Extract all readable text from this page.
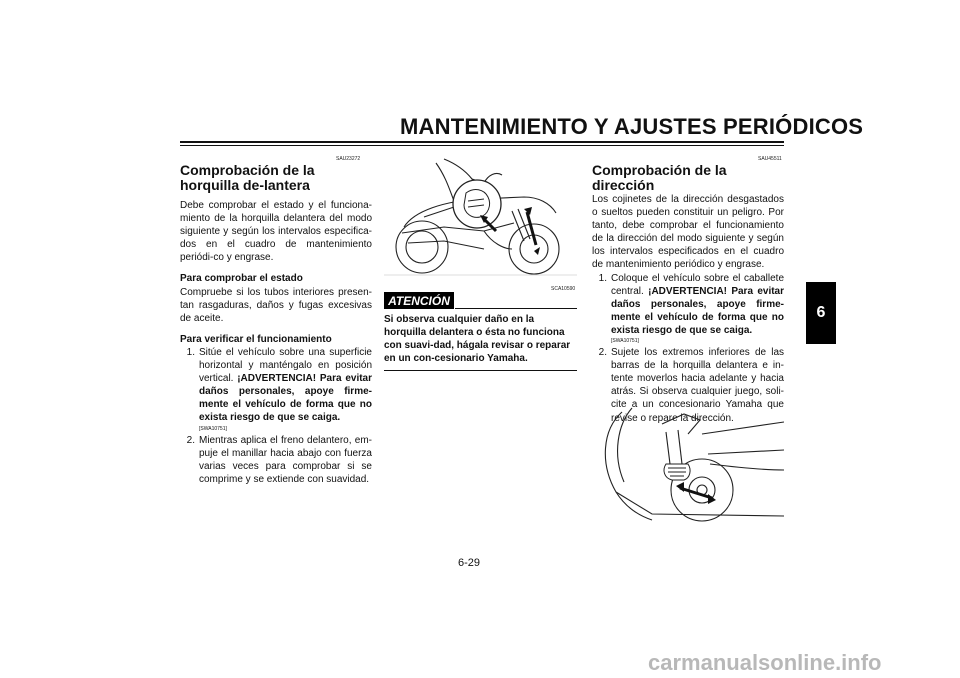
MANTENIMIENTO Y AJUSTES PERIÓDICOS
6
SAU23272
Comprobación de la horquilla de-lantera

Debe comprobar el estado y el funciona-miento de la horquilla delantera del modo siguiente y según los intervalos especifica-dos en el cuadro de mantenimiento periódi-co y engrase.

Para comprobar el estado

Compruebe si los tubos interiores presen-tan rasgaduras, daños y fugas excesivas de aceite.

Para verificar el funcionamiento

1. Sitúe el vehículo sobre una superficie horizontal y manténgalo en posición vertical. ¡ADVERTENCIA! Para evitar daños personales, apoye firme-mente el vehículo de forma que no exista riesgo de que se caiga.
[SWA10751]
2. Mientras aplica el freno delantero, em-puje el manillar hacia abajo con fuerza varias veces para comprobar si se comprime y se extiende con suavidad.
SCA10590
ATENCIÓN
Si observa cualquier daño en la horquilla delantera o ésta no funciona con suavi-dad, hágala revisar o reparar en un con-cesionario Yamaha.
SAU45511
Comprobación de la dirección

Los cojinetes de la dirección desgastados o sueltos pueden constituir un peligro. Por tanto, debe comprobar el funcionamiento de la dirección del modo siguiente y según los intervalos especificados en el cuadro de mantenimiento periódico y engrase.

1. Coloque el vehículo sobre el caballete central. ¡ADVERTENCIA! Para evitar daños personales, apoye firme-mente el vehículo de forma que no exista riesgo de que se caiga.
[SWA10751]
2. Sujete los extremos inferiores de las barras de la horquilla delantera e in-tente moverlos hacia adelante y hacia atrás. Si observa cualquier juego, soli-cite a un concesionario Yamaha que revise o repare la dirección.
6-29
carmanualsonline.info
